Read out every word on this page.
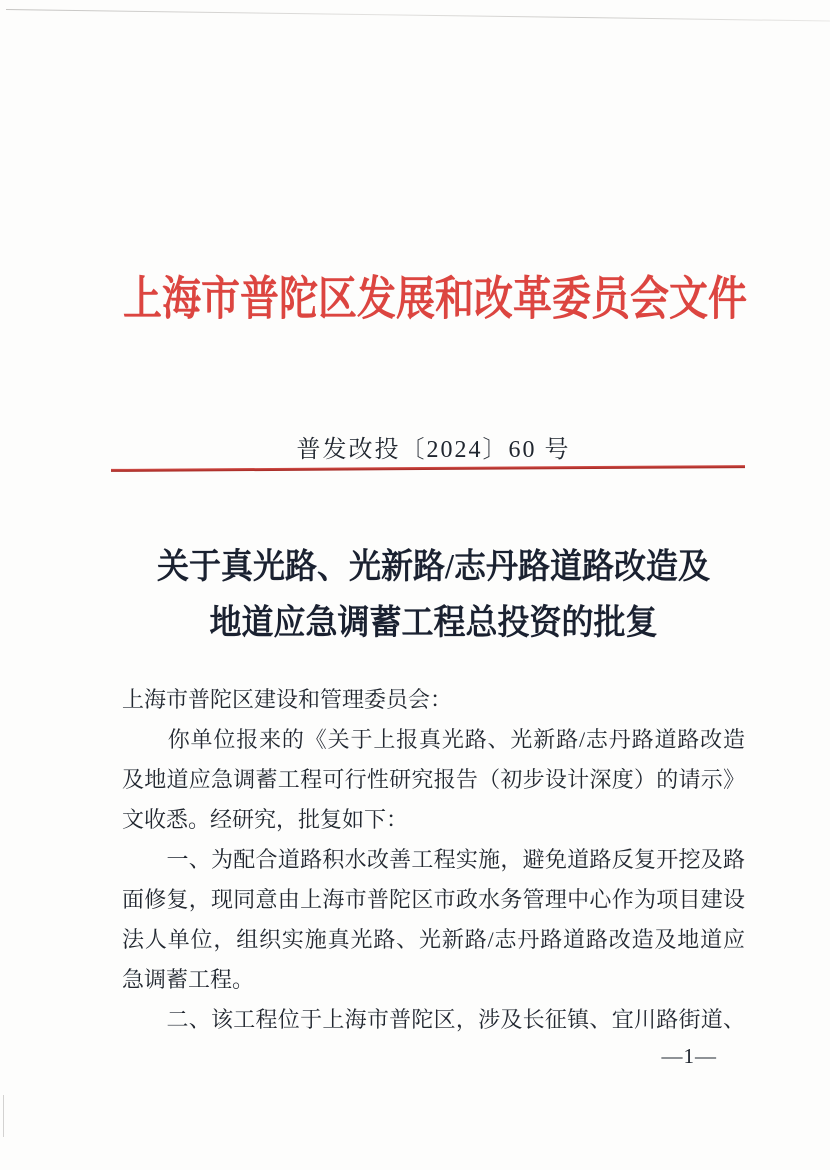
上海市普陀区发展和改革委员会文件
普发改投〔2024〕60 号
关于真光路、光新路/志丹路道路改造及
地道应急调蓄工程总投资的批复
上海市普陀区建设和管理委员会：
　　你单位报来的《关于上报真光路、光新路/志丹路道路改造
及地道应急调蓄工程可行性研究报告（初步设计深度）的请示》
文收悉。经研究，批复如下：
　　一、为配合道路积水改善工程实施，避免道路反复开挖及路
面修复，现同意由上海市普陀区市政水务管理中心作为项目建设
法人单位，组织实施真光路、光新路/志丹路道路改造及地道应
急调蓄工程。
　　二、该工程位于上海市普陀区，涉及长征镇、宜川路街道、
—1—
